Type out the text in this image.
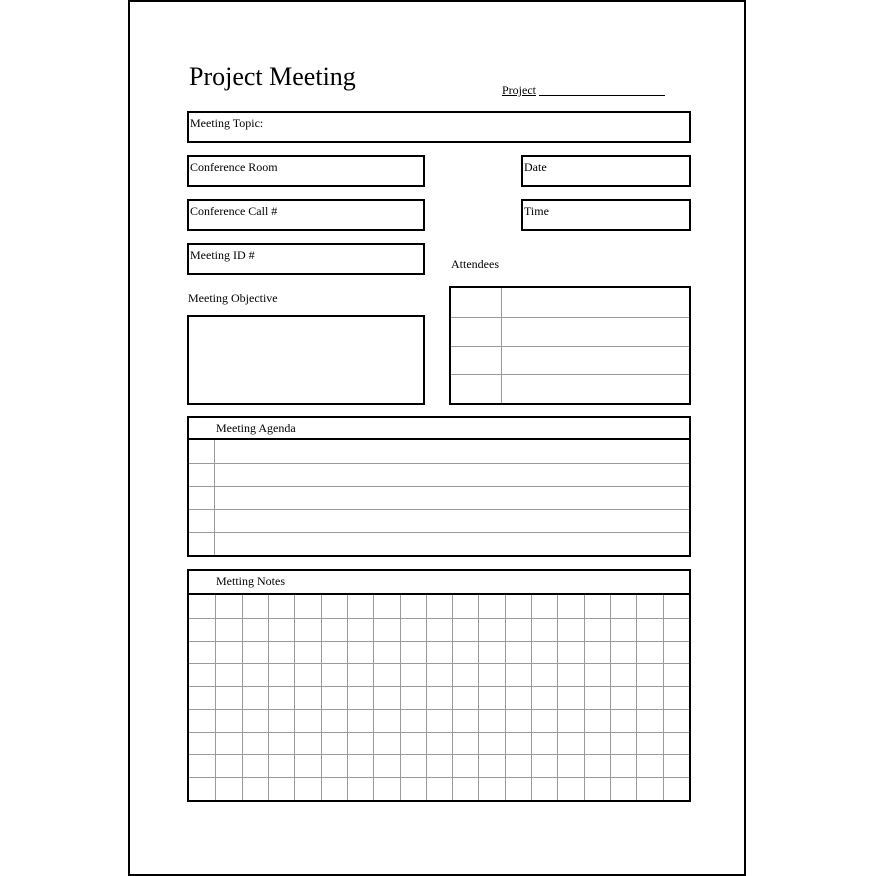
Project Meeting	Project
Meeting Topic:
Conference Room	Date
Conference Call #	Time
Meeting ID #
Attendees
Meeting Objective
Meeting Agenda
Metting Notes
